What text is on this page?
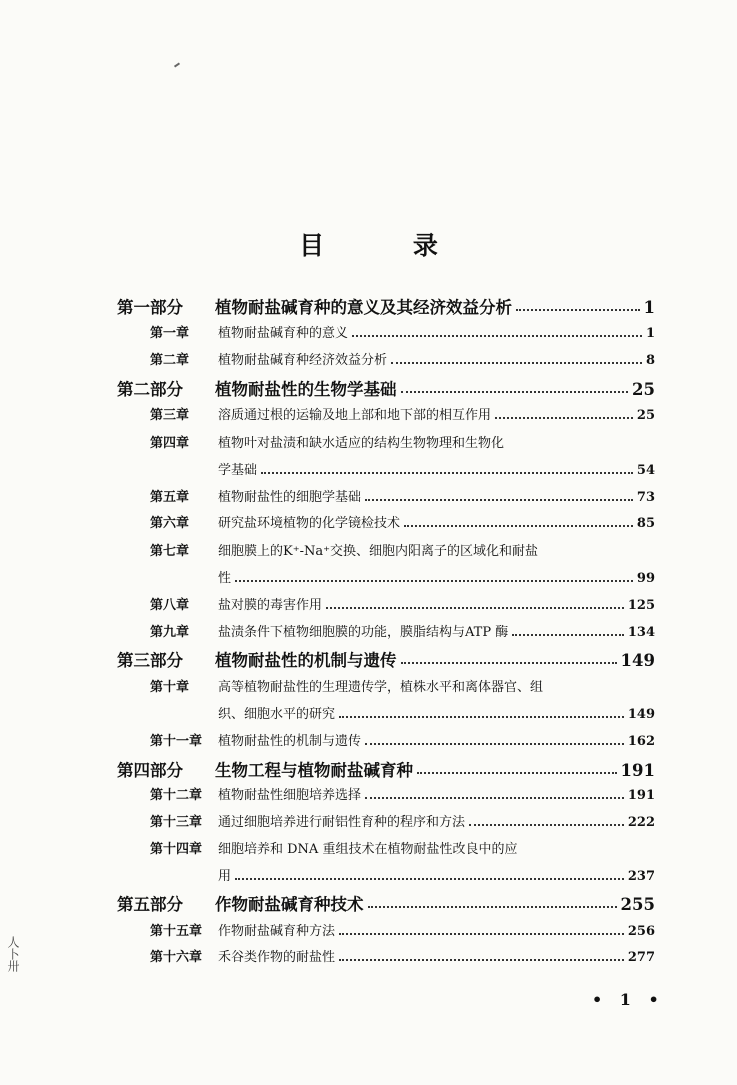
目 录
第一部分	植物耐盐碱育种的意义及其经济效益分析	1
第一章	植物耐盐碱育种的意义	1
第二章	植物耐盐碱育种经济效益分析	8
第二部分	植物耐盐性的生物学基础	25
第三章	溶质通过根的运输及地上部和地下部的相互作用	25
第四章	植物叶对盐渍和缺水适应的结构生物物理和生物化
学基础	54
第五章	植物耐盐性的细胞学基础	73
第六章	研究盐环境植物的化学镜检技术	85
第七章	细胞膜上的K⁺-Na⁺交换、细胞内阳离子的区域化和耐盐
性	99
第八章	盐对膜的毒害作用	125
第九章	盐渍条件下植物细胞膜的功能，膜脂结构与ATP 酶	134
第三部分	植物耐盐性的机制与遗传	149
第十章	高等植物耐盐性的生理遗传学，植株水平和离体器官、组
织、细胞水平的研究	149
第十一章	植物耐盐性的机制与遗传	162
第四部分	生物工程与植物耐盐碱育种	191
第十二章	植物耐盐性细胞培养选择	191
第十三章	通过细胞培养进行耐铝性育种的程序和方法	222
第十四章	细胞培养和 DNA 重组技术在植物耐盐性改良中的应
用	237
第五部分	作物耐盐碱育种技术	255
第十五章	作物耐盐碱育种方法	256
第十六章	禾谷类作物的耐盐性	277
• 1 •
人卜卅
